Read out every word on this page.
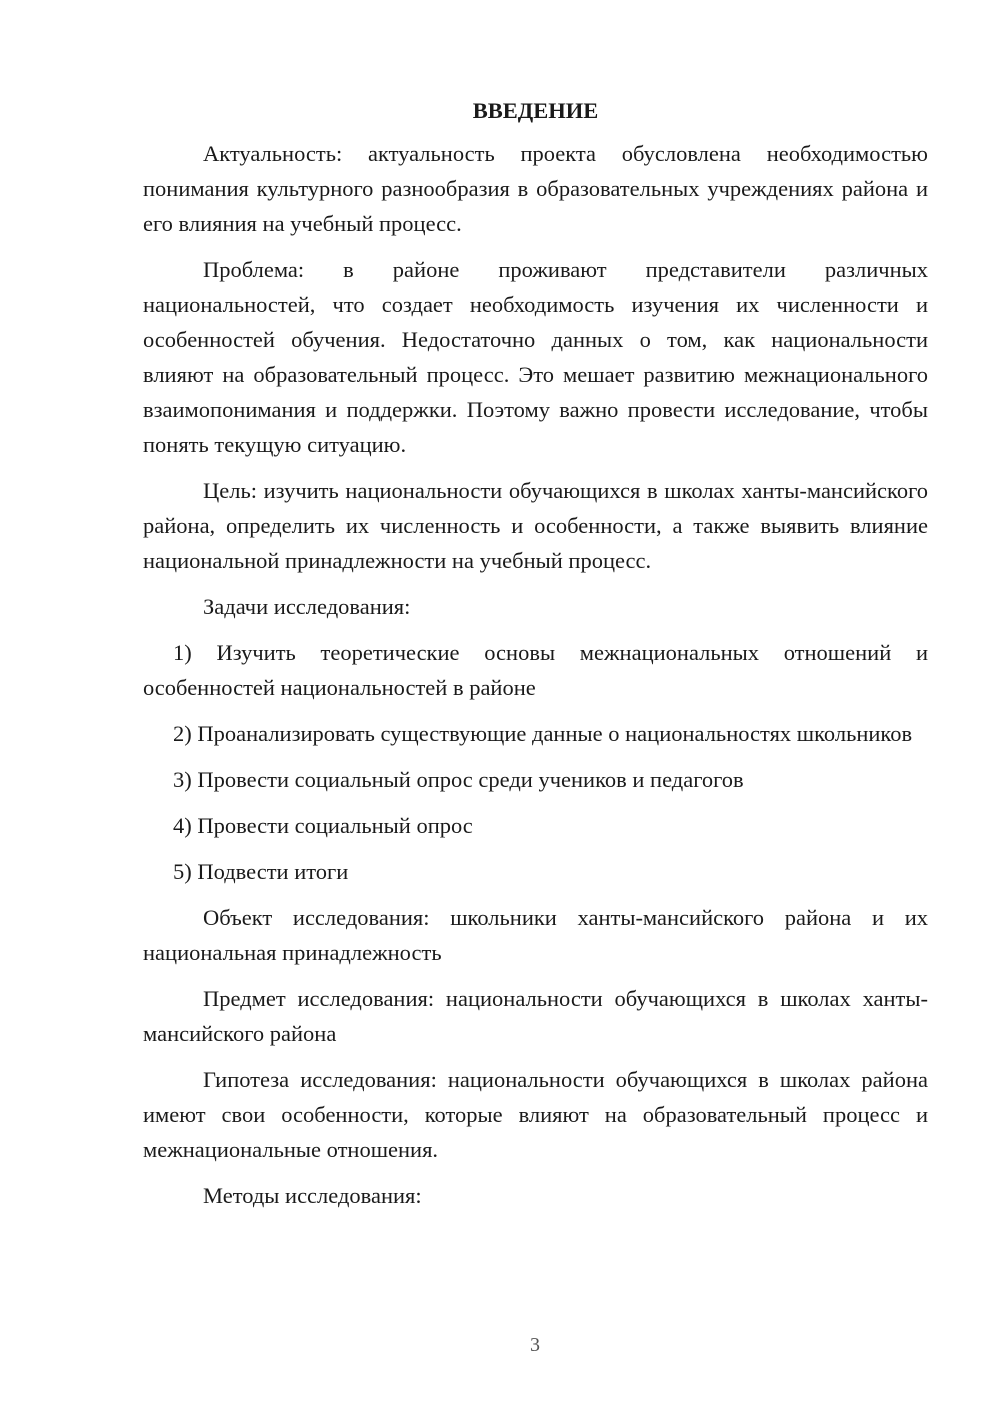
ВВЕДЕНИЕ

Актуальность: актуальность проекта обусловлена необходимостью понимания культурного разнообразия в образовательных учреждениях района и его влияния на учебный процесс.

Проблема: в районе проживают представители различных национальностей, что создает необходимость изучения их численности и особенностей обучения. Недостаточно данных о том, как национальности влияют на образовательный процесс. Это мешает развитию межнационального взаимопонимания и поддержки. Поэтому важно провести исследование, чтобы понять текущую ситуацию.

Цель: изучить национальности обучающихся в школах ханты-мансийского района, определить их численность и особенности, а также выявить влияние национальной принадлежности на учебный процесс.

Задачи исследования:

1) Изучить теоретические основы межнациональных отношений и особенностей национальностей в районе

2) Проанализировать существующие данные о национальностях школьников

3) Провести социальный опрос среди учеников и педагогов

4) Провести социальный опрос

5) Подвести итоги

Объект исследования: школьники ханты-мансийского района и их национальная принадлежность

Предмет исследования: национальности обучающихся в школах ханты-мансийского района

Гипотеза исследования: национальности обучающихся в школах района имеют свои особенности, которые влияют на образовательный процесс и межнациональные отношения.

Методы исследования:

3
